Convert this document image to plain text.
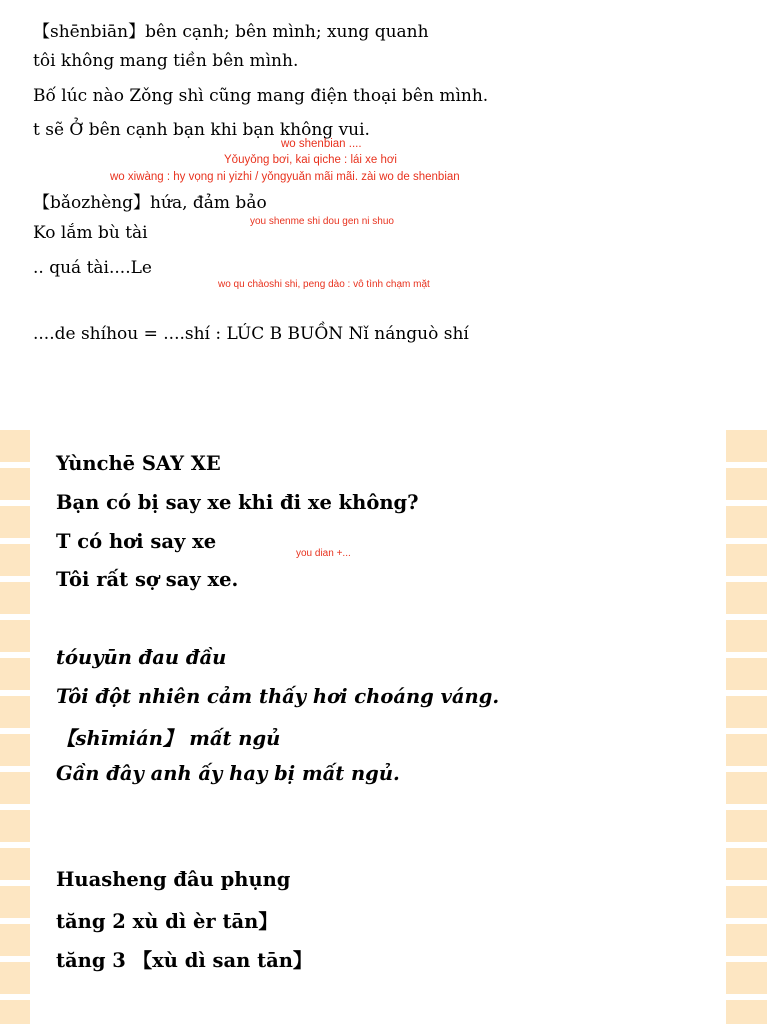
【shēnbiān】bên cạnh; bên mình; xung quanh
tôi không mang tiền bên mình.
Bố lúc nào Zǒng shì cũng mang điện thoại bên mình.
t sẽ Ở bên cạnh bạn khi bạn không vui.
wo shenbian ....
Yǒuyǒng bơi, kai qiche : lái xe hơi
wo xiwàng : hy vọng ni yizhi / yǒngyuǎn mãi mãi. zài wo de shenbian
【bǎozhèng】hứa, đảm bảo
you shenme shi dou gen ni shuo
Ko lắm bù tài
.. quá tài....Le
wo qu chàoshi shi, peng dào : vô tình chạm mặt
....de shíhou = ....shí : LÚC B BUỒN Nǐ nánguò shí
Yùnchē SAY XE
Bạn có bị say xe khi đi xe không?
T có hơi say xe
you dian +...
Tôi rất sợ say xe.
tóuyūn đau đầu
Tôi đột nhiên cảm thấy hơi choáng váng.
【shīmián】 mất ngủ
Gần đây anh ấy hay bị mất ngủ.
Huasheng đâu phụng
tăng 2 xù dì èr tān】
tăng 3 【xù dì san tān】
